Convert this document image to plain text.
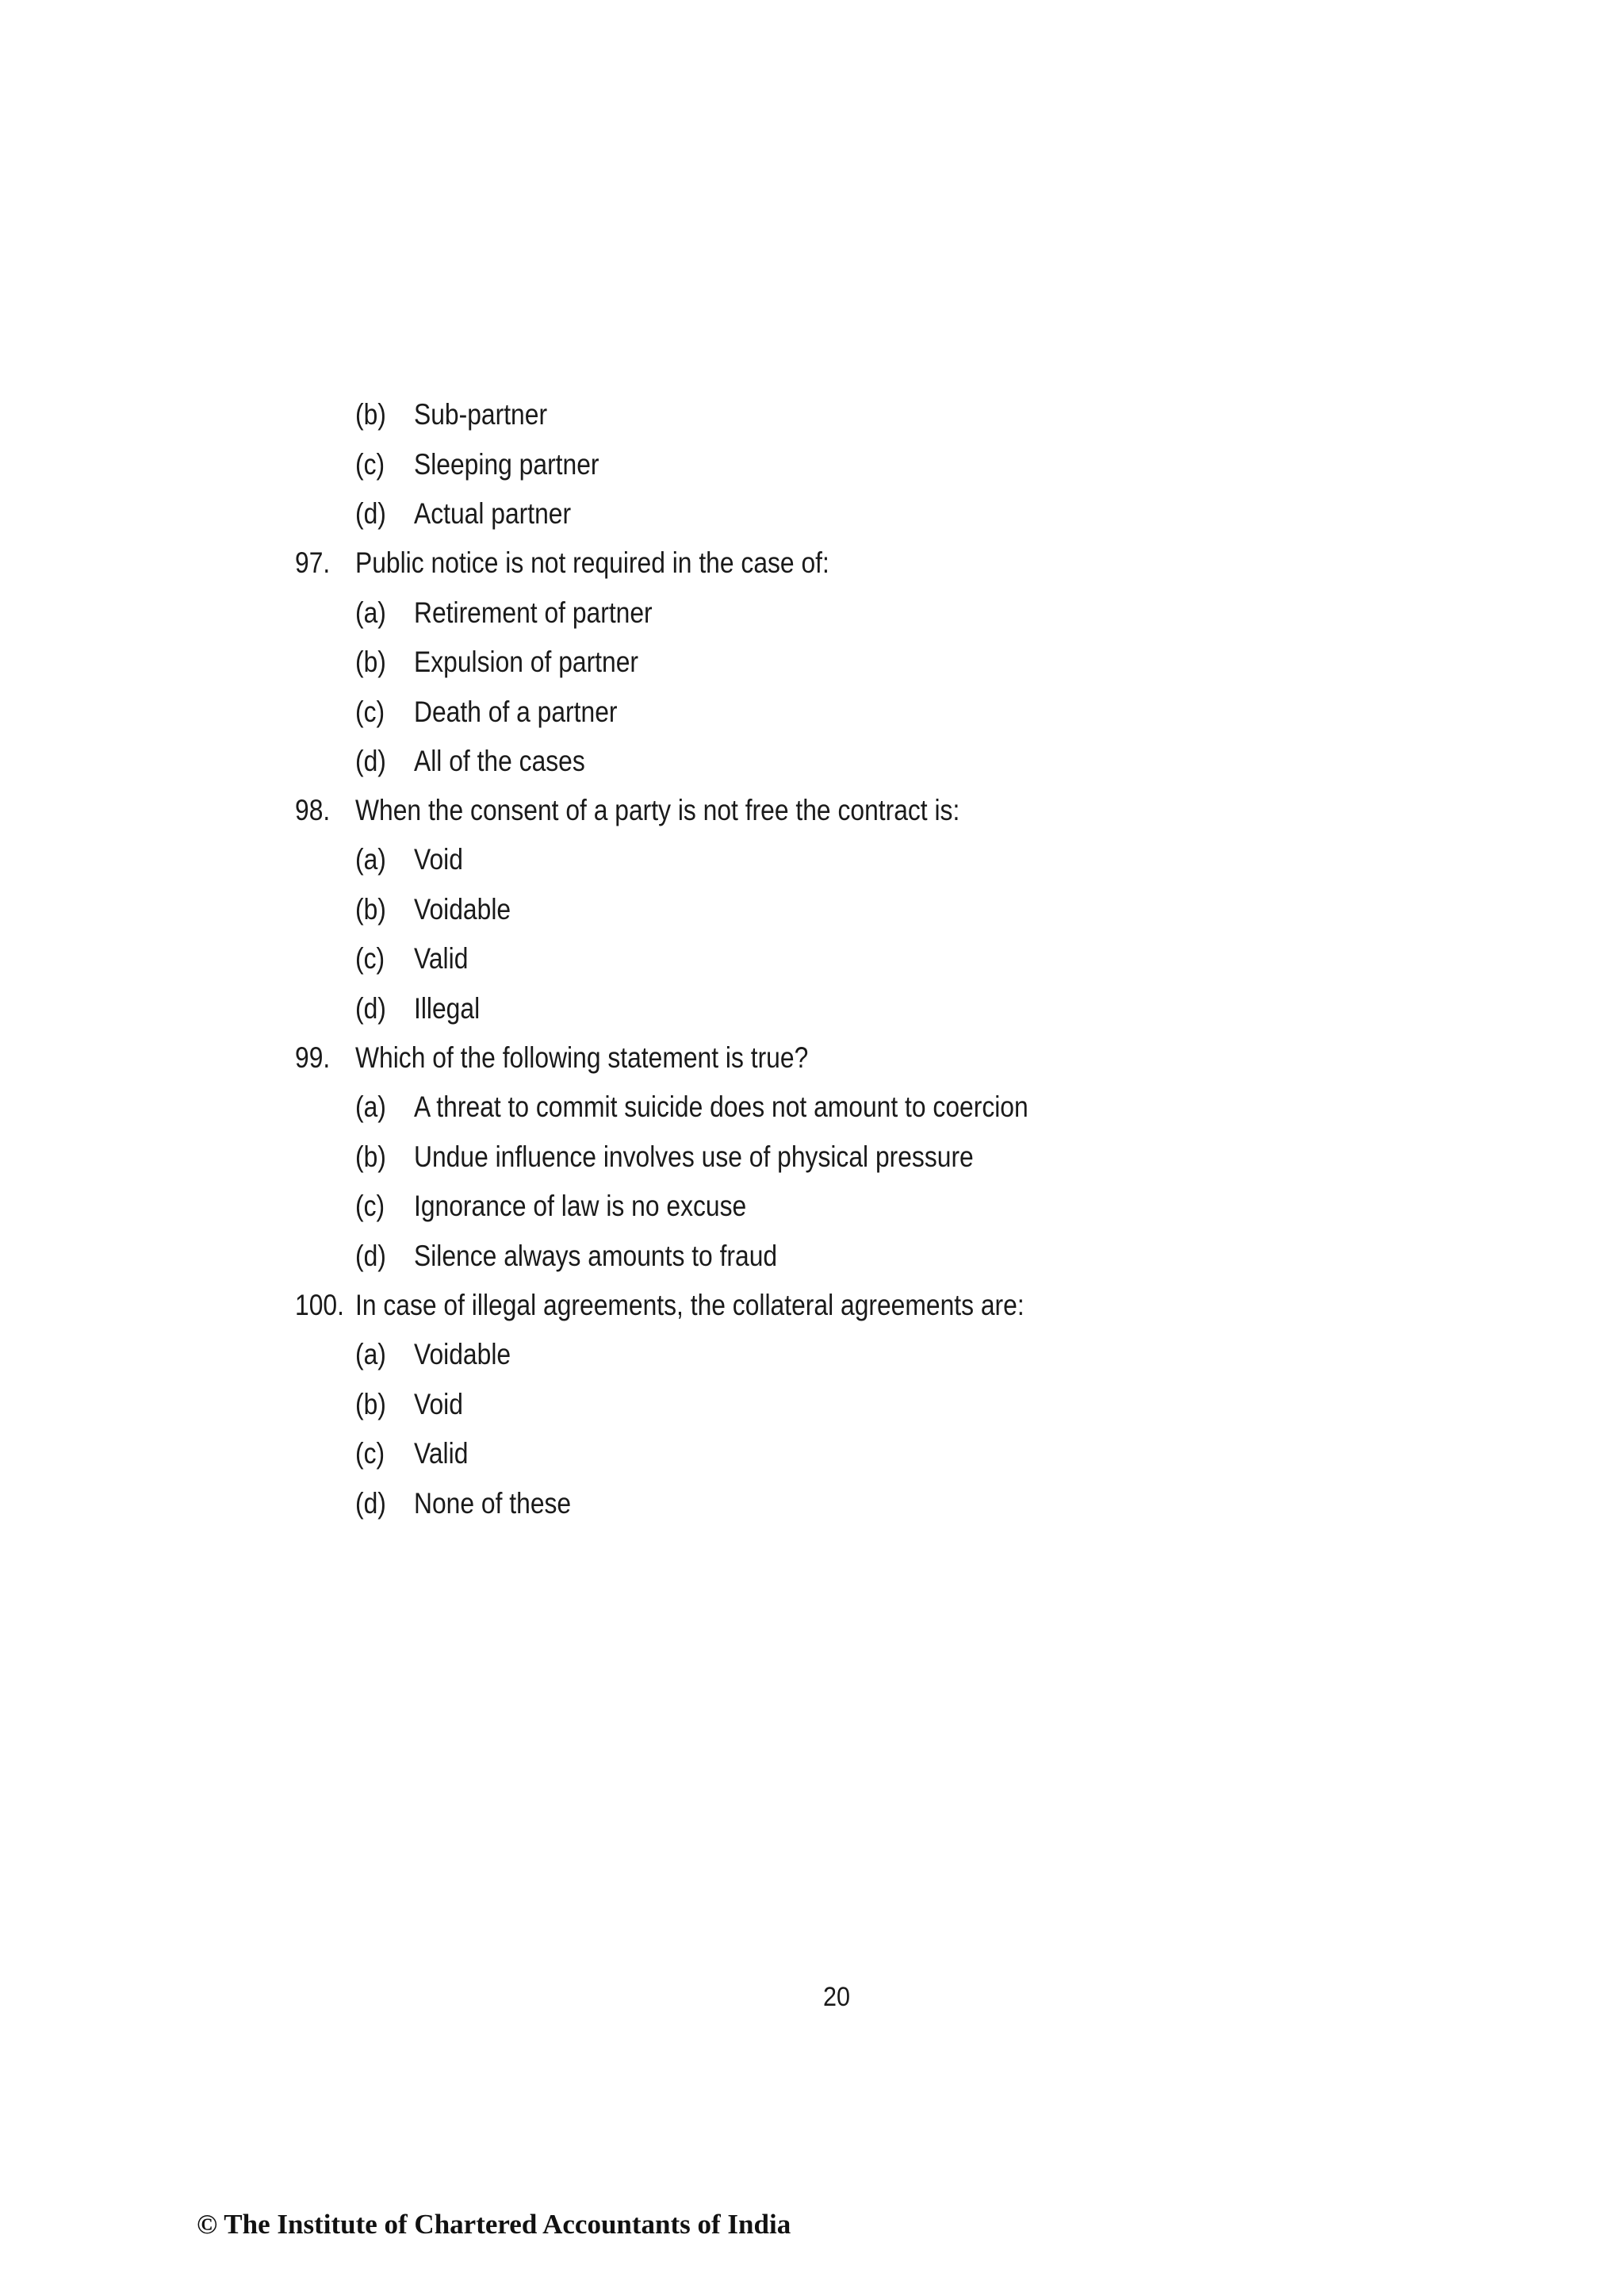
(b) Sub-partner
(c) Sleeping partner
(d) Actual partner
97. Public notice is not required in the case of:
(a) Retirement of partner
(b) Expulsion of partner
(c) Death of a partner
(d) All of the cases
98. When the consent of a party is not free the contract is:
(a) Void
(b) Voidable
(c) Valid
(d) Illegal
99. Which of the following statement is true?
(a) A threat to commit suicide does not amount to coercion
(b) Undue influence involves use of physical pressure
(c) Ignorance of law is no excuse
(d) Silence always amounts to fraud
100. In case of illegal agreements, the collateral agreements are:
(a) Voidable
(b) Void
(c) Valid
(d) None of these
20
© The Institute of Chartered Accountants of India
